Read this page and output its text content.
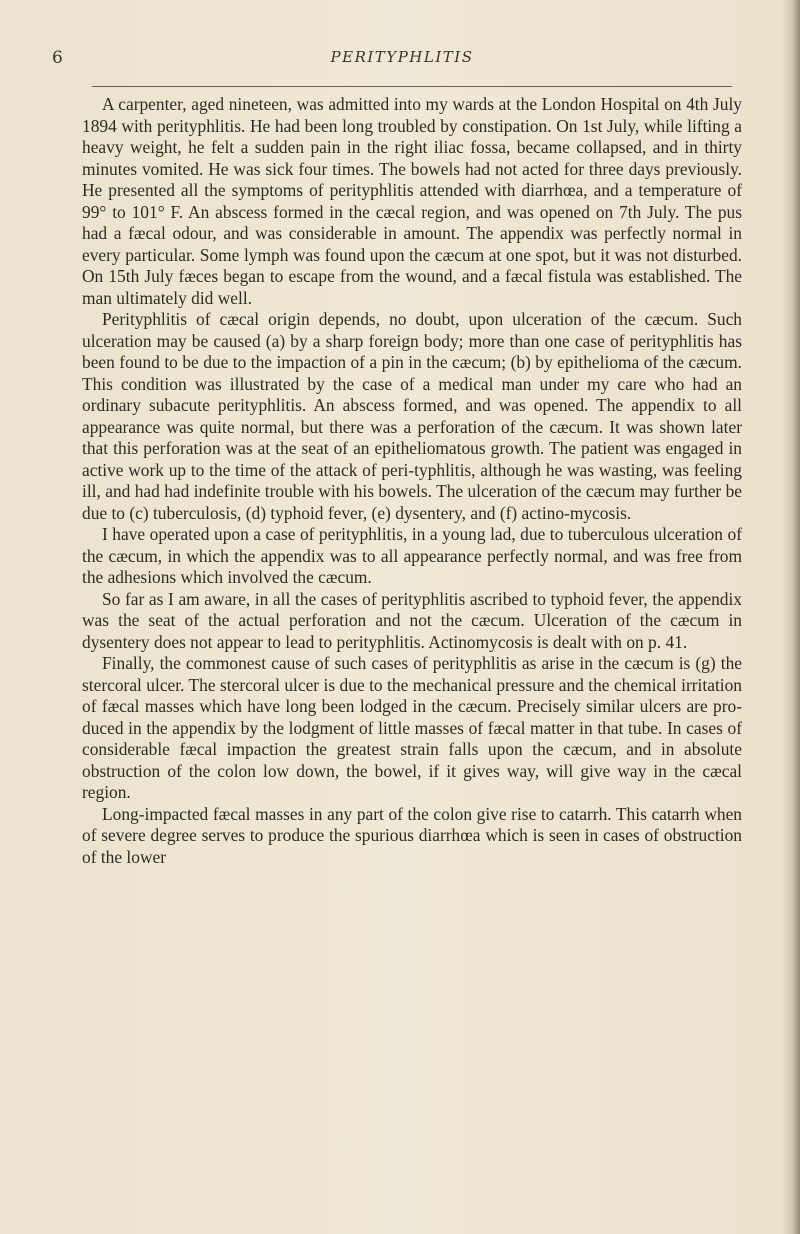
6	PERITYPHLITIS

A carpenter, aged nineteen, was admitted into my wards at the London Hospital on 4th July 1894 with perityphlitis. He had been long troubled by constipation. On 1st July, while lifting a heavy weight, he felt a sudden pain in the right iliac fossa, became collapsed, and in thirty minutes vomited. He was sick four times. The bowels had not acted for three days previously. He presented all the symptoms of perityphlitis attended with diarrhœa, and a temperature of 99° to 101° F. An abscess formed in the cæcal region, and was opened on 7th July. The pus had a fæcal odour, and was considerable in amount. The appendix was perfectly normal in every particular. Some lymph was found upon the cæcum at one spot, but it was not disturbed. On 15th July fæces began to escape from the wound, and a fæcal fistula was established. The man ultimately did well.

Perityphlitis of cæcal origin depends, no doubt, upon ulceration of the cæcum. Such ulceration may be caused (a) by a sharp foreign body; more than one case of perityphlitis has been found to be due to the impaction of a pin in the cæcum; (b) by epithelioma of the cæcum. This condition was illustrated by the case of a medical man under my care who had an ordinary subacute perityphlitis. An abscess formed, and was opened. The appendix to all appearance was quite normal, but there was a perforation of the cæcum. It was shown later that this perforation was at the seat of an epitheliomatous growth. The patient was engaged in active work up to the time of the attack of peri-typhlitis, although he was wasting, was feeling ill, and had had indefinite trouble with his bowels. The ulceration of the cæcum may further be due to (c) tuberculosis, (d) typhoid fever, (e) dysentery, and (f) actino-mycosis.

I have operated upon a case of perityphlitis, in a young lad, due to tuberculous ulceration of the cæcum, in which the appendix was to all appearance perfectly normal, and was free from the adhesions which involved the cæcum.

So far as I am aware, in all the cases of perityphlitis ascribed to typhoid fever, the appendix was the seat of the actual perforation and not the cæcum. Ulceration of the cæcum in dysentery does not appear to lead to perityphlitis. Actinomycosis is dealt with on p. 41.

Finally, the commonest cause of such cases of perityphlitis as arise in the cæcum is (g) the stercoral ulcer. The stercoral ulcer is due to the mechanical pressure and the chemical irritation of fæcal masses which have long been lodged in the cæcum. Precisely similar ulcers are pro-duced in the appendix by the lodgment of little masses of fæcal matter in that tube. In cases of considerable fæcal impaction the greatest strain falls upon the cæcum, and in absolute obstruction of the colon low down, the bowel, if it gives way, will give way in the cæcal region.

Long-impacted fæcal masses in any part of the colon give rise to catarrh. This catarrh when of severe degree serves to produce the spurious diarrhœa which is seen in cases of obstruction of the lower
